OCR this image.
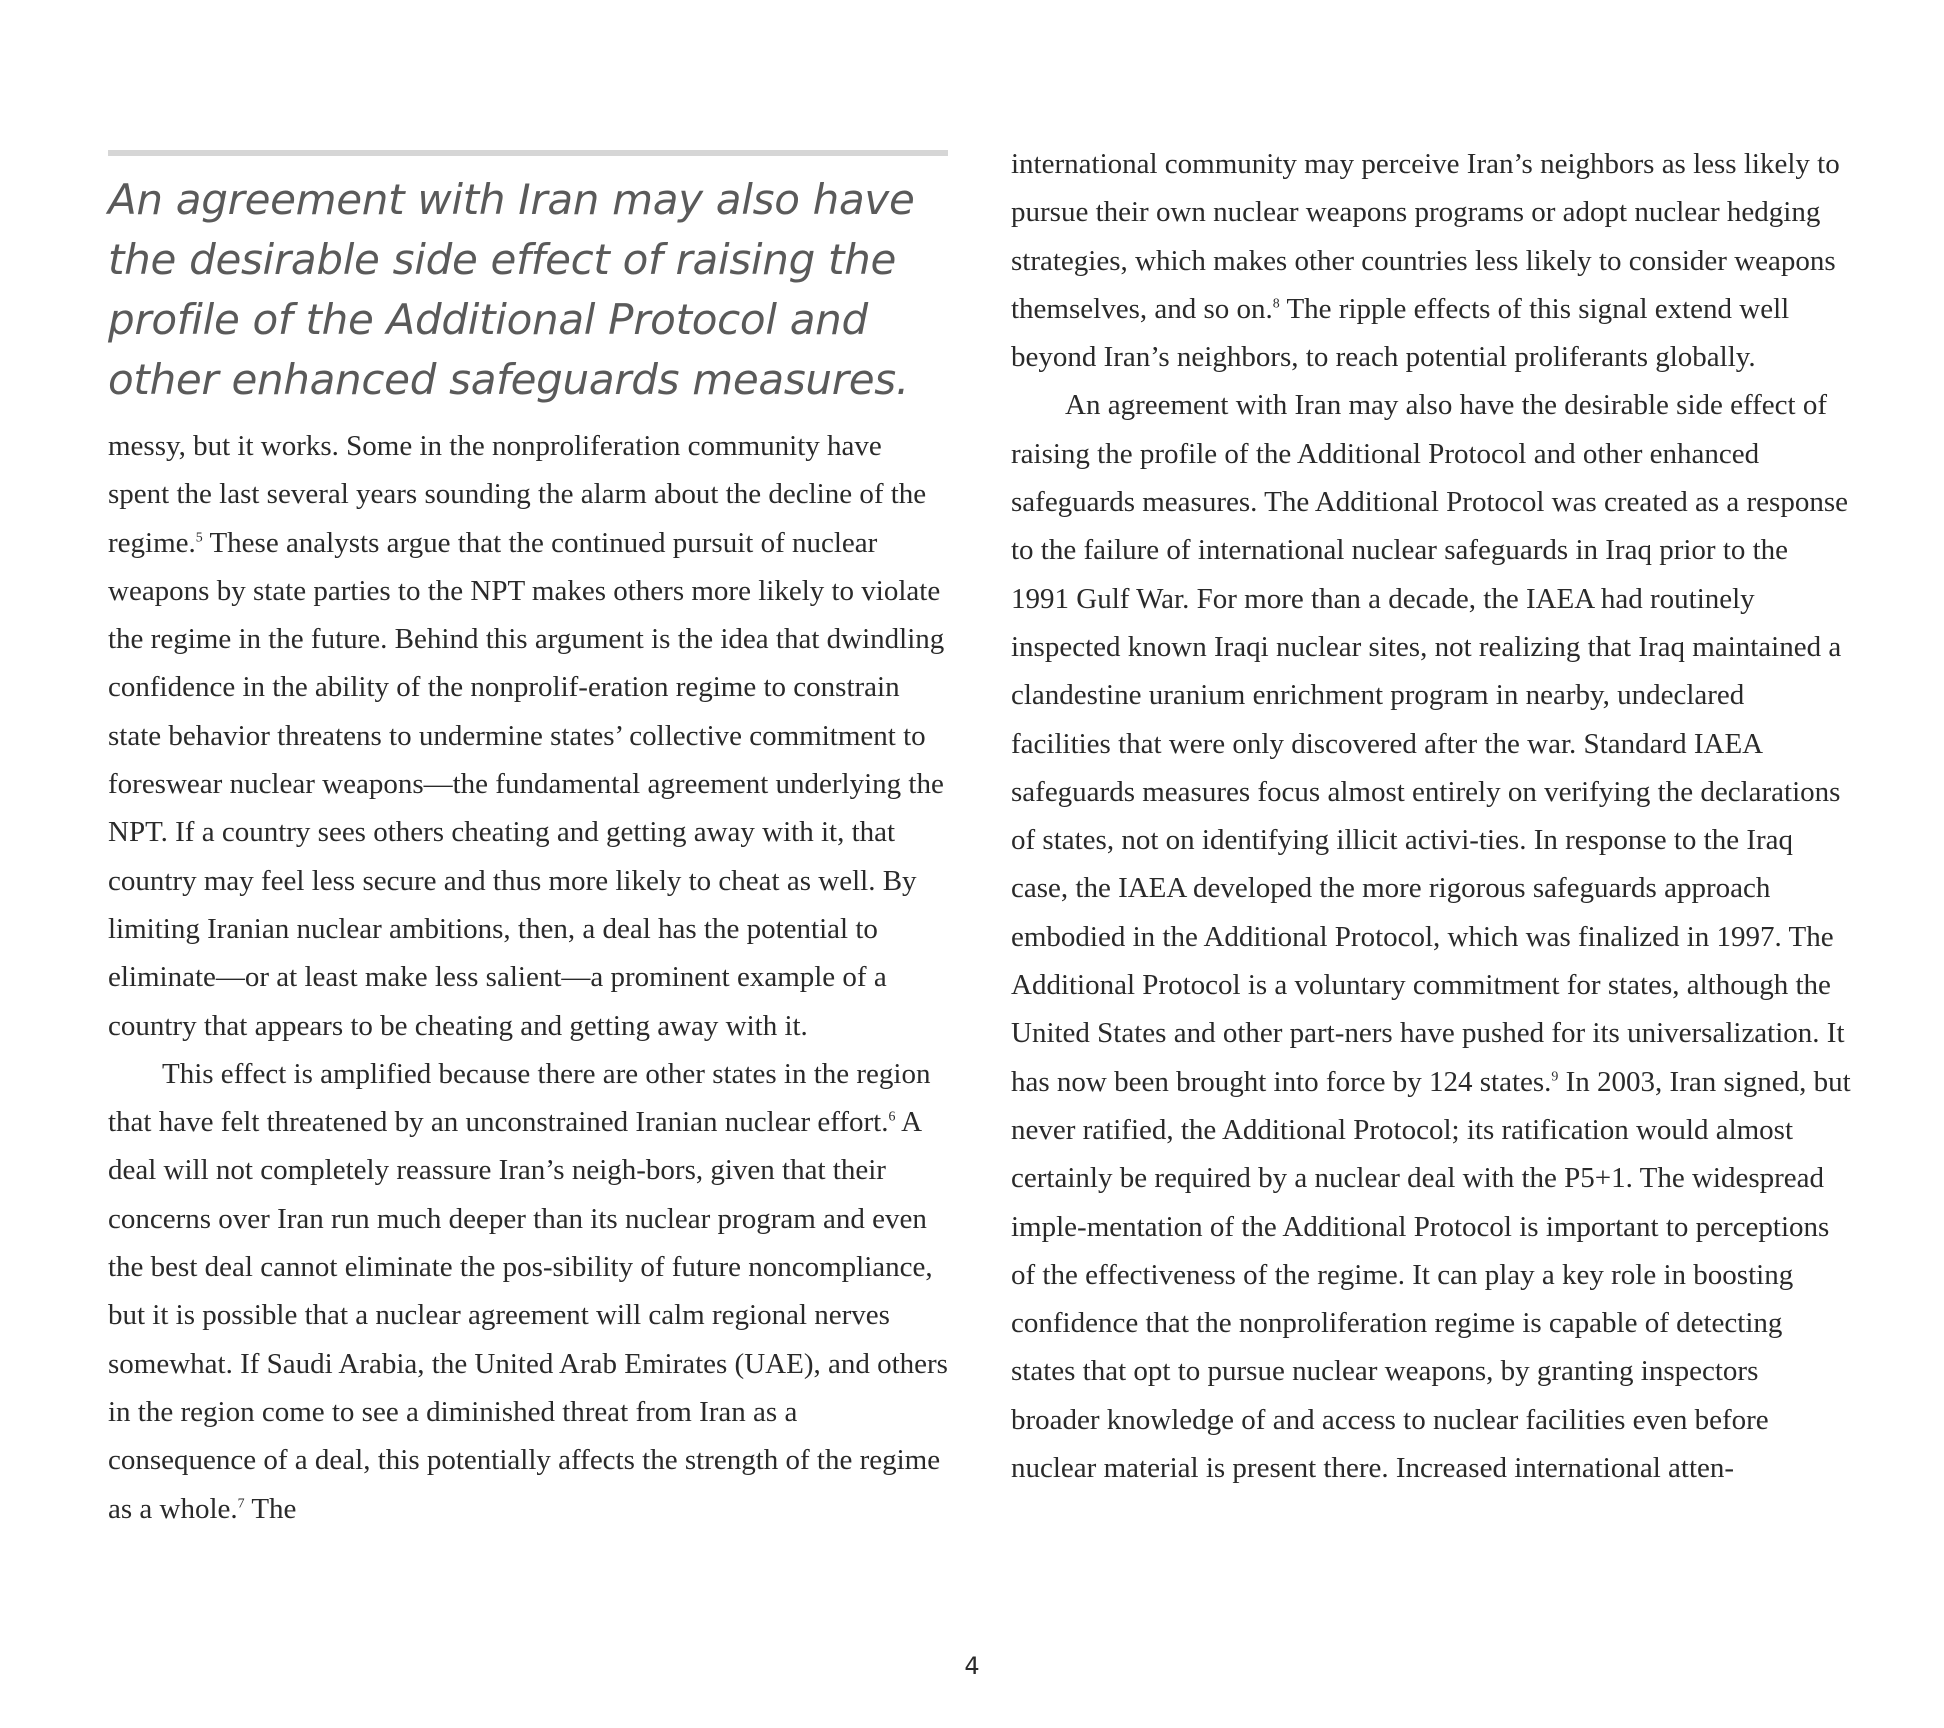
An agreement with Iran may also have the desirable side effect of raising the profile of the Additional Protocol and other enhanced safeguards measures.

messy, but it works. Some in the nonproliferation community have spent the last several years sounding the alarm about the decline of the regime.$^5$ These analysts argue that the continued pursuit of nuclear weapons by state parties to the NPT makes others more likely to violate the regime in the future. Behind this argument is the idea that dwindling confidence in the ability of the nonprolif-eration regime to constrain state behavior threatens to undermine states’ collective commitment to foreswear nuclear weapons—the fundamental agreement underlying the NPT. If a country sees others cheating and getting away with it, that country may feel less secure and thus more likely to cheat as well. By limiting Iranian nuclear ambitions, then, a deal has the potential to eliminate—or at least make less salient—a prominent example of a country that appears to be cheating and getting away with it.

This effect is amplified because there are other states in the region that have felt threatened by an unconstrained Iranian nuclear effort.$^6$ A deal will not completely reassure Iran’s neigh-bors, given that their concerns over Iran run much deeper than its nuclear program and even the best deal cannot eliminate the pos-sibility of future noncompliance, but it is possible that a nuclear agreement will calm regional nerves somewhat. If Saudi Arabia, the United Arab Emirates (UAE), and others in the region come to see a diminished threat from Iran as a consequence of a deal, this potentially affects the strength of the regime as a whole.$^7$ The

international community may perceive Iran’s neighbors as less likely to pursue their own nuclear weapons programs or adopt nuclear hedging strategies, which makes other countries less likely to consider weapons themselves, and so on.$^8$ The ripple effects of this signal extend well beyond Iran’s neighbors, to reach potential proliferants globally.

An agreement with Iran may also have the desirable side effect of raising the profile of the Additional Protocol and other enhanced safeguards measures. The Additional Protocol was created as a response to the failure of international nuclear safeguards in Iraq prior to the 1991 Gulf War. For more than a decade, the IAEA had routinely inspected known Iraqi nuclear sites, not realizing that Iraq maintained a clandestine uranium enrichment program in nearby, undeclared facilities that were only discovered after the war. Standard IAEA safeguards measures focus almost entirely on verifying the declarations of states, not on identifying illicit activi-ties. In response to the Iraq case, the IAEA developed the more rigorous safeguards approach embodied in the Additional Protocol, which was finalized in 1997. The Additional Protocol is a voluntary commitment for states, although the United States and other part-ners have pushed for its universalization. It has now been brought into force by 124 states.$^9$ In 2003, Iran signed, but never ratified, the Additional Protocol; its ratification would almost certainly be required by a nuclear deal with the P5+1. The widespread imple-mentation of the Additional Protocol is important to perceptions of the effectiveness of the regime. It can play a key role in boosting confidence that the nonproliferation regime is capable of detecting states that opt to pursue nuclear weapons, by granting inspectors broader knowledge of and access to nuclear facilities even before nuclear material is present there. Increased international atten-

4
